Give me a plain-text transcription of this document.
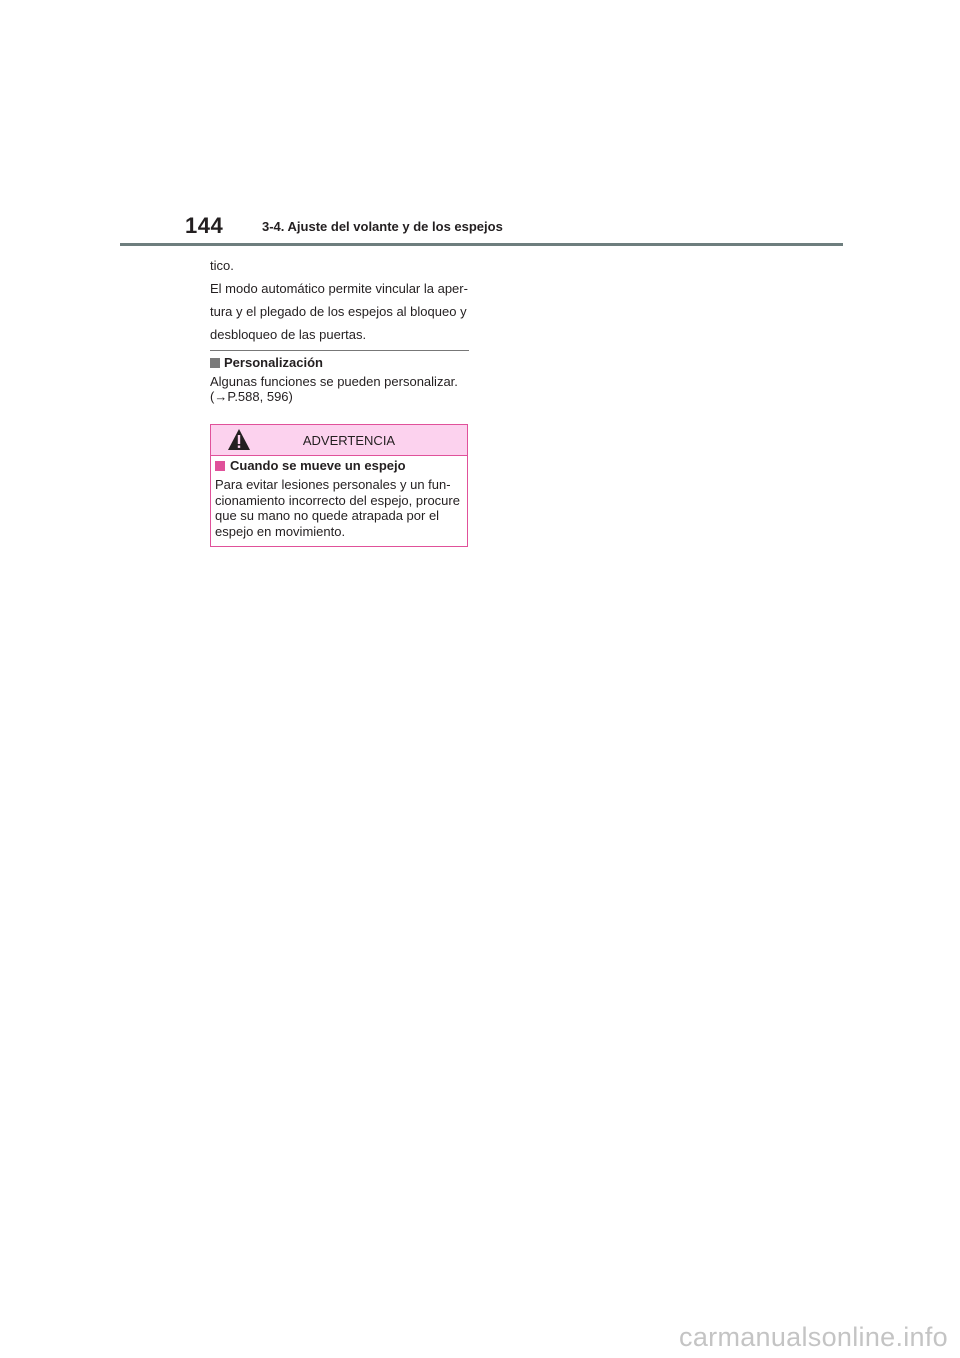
144	3-4. Ajuste del volante y de los espejos
tico.
El modo automático permite vincular la aper-
tura y el plegado de los espejos al bloqueo y
desbloqueo de las puertas.
Personalización
Algunas funciones se pueden personalizar.
(→P.588, 596)
ADVERTENCIA
Cuando se mueve un espejo
Para evitar lesiones personales y un fun-
cionamiento incorrecto del espejo, procure
que su mano no quede atrapada por el
espejo en movimiento.
carmanualsonline.info
